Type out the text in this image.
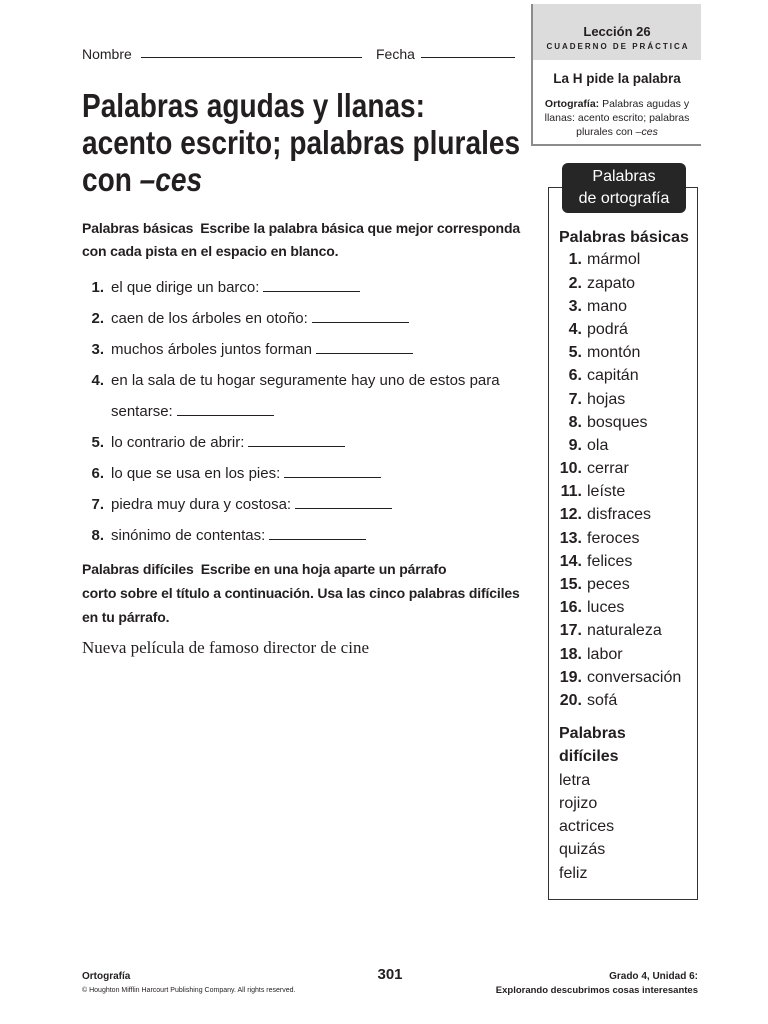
Nombre	Fecha
Lección 26
CUADERNO DE PRÁCTICA
La H pide la palabra
Ortografía: Palabras agudas y
llanas: acento escrito; palabras
plurales con –ces
Palabras agudas y llanas:
acento escrito; palabras plurales
con –ces
Palabras básicas Escribe la palabra básica que mejor corresponda
con cada pista en el espacio en blanco.
1. el que dirige un barco:
2. caen de los árboles en otoño:
3. muchos árboles juntos forman
4. en la sala de tu hogar seguramente hay uno de estos para
sentarse:
5. lo contrario de abrir:
6. lo que se usa en los pies:
7. piedra muy dura y costosa:
8. sinónimo de contentas:
Palabras difíciles Escribe en una hoja aparte un párrafo
corto sobre el título a continuación. Usa las cinco palabras difíciles
en tu párrafo.
Nueva película de famoso director de cine
Palabras
de ortografía
Palabras básicas
1. mármol
2. zapato
3. mano
4. podrá
5. montón
6. capitán
7. hojas
8. bosques
9. ola
10. cerrar
11. leíste
12. disfraces
13. feroces
14. felices
15. peces
16. luces
17. naturaleza
18. labor
19. conversación
20. sofá
Palabras
difíciles
letra
rojizo
actrices
quizás
feliz
Ortografía
© Houghton Mifflin Harcourt Publishing Company. All rights reserved.
301	Grado 4, Unidad 6:
Explorando descubrimos cosas interesantes
